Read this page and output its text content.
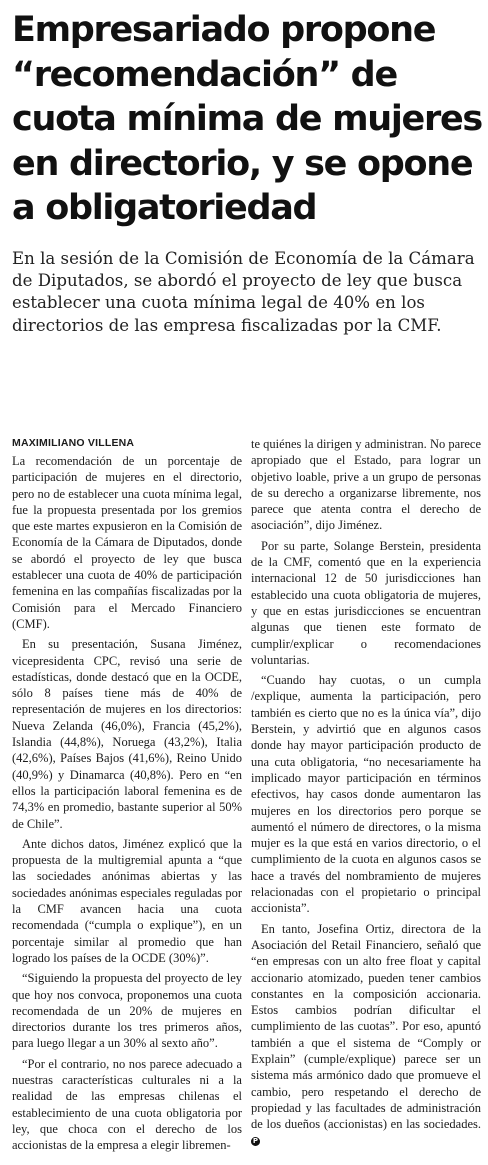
Empresariado propone “recomendación” de cuota mínima de mujeres en directorio, y se opone a obligatoriedad

En la sesión de la Comisión de Economía de la Cámara de Diputados, se abordó el proyecto de ley que busca establecer una cuota mínima legal de 40% en los directorios de las empresa fiscalizadas por la CMF.

MAXIMILIANO VILLENA

La recomendación de un porcentaje de participación de mujeres en el directorio, pero no de establecer una cuota mínima legal, fue la propuesta presentada por los gremios que este martes expusieron en la Comisión de Economía de la Cámara de Diputados, donde se abordó el proyecto de ley que busca establecer una cuota de 40% de participación femenina en las compañías fiscalizadas por la Comisión para el Mercado Financiero (CMF).

En su presentación, Susana Jiménez, vicepresidenta CPC, revisó una serie de estadísticas, donde destacó que en la OCDE, sólo 8 países tiene más de 40% de representación de mujeres en los directorios: Nueva Zelanda (46,0%), Francia (45,2%), Islandia (44,8%), Noruega (43,2%), Italia (42,6%), Países Bajos (41,6%), Reino Unido (40,9%) y Dinamarca (40,8%). Pero en “en ellos la participación laboral femenina es de 74,3% en promedio, bastante superior al 50% de Chile”.

Ante dichos datos, Jiménez explicó que la propuesta de la multigremial apunta a “que las sociedades anónimas abiertas y las sociedades anónimas especiales reguladas por la CMF avancen hacia una cuota recomendada (“cumpla o explique”), en un porcentaje similar al promedio que han logrado los países de la OCDE (30%)”.

“Siguiendo la propuesta del proyecto de ley que hoy nos convoca, proponemos una cuota recomendada de un 20% de mujeres en directorios durante los tres primeros años, para luego llegar a un 30% al sexto año”.

“Por el contrario, no nos parece adecuado a nuestras características culturales ni a la realidad de las empresas chilenas el establecimiento de una cuota obligatoria por ley, que choca con el derecho de los accionistas de la empresa a elegir libremen-

te quiénes la dirigen y administran. No parece apropiado que el Estado, para lograr un objetivo loable, prive a un grupo de personas de su derecho a organizarse libremente, nos parece que atenta contra el derecho de asociación”, dijo Jiménez.

Por su parte, Solange Berstein, presidenta de la CMF, comentó que en la experiencia internacional 12 de 50 jurisdicciones han establecido una cuota obligatoria de mujeres, y que en estas jurisdicciones se encuentran algunas que tienen este formato de cumplir/explicar o recomendaciones voluntarias.

“Cuando hay cuotas, o un cumpla /explique, aumenta la participación, pero también es cierto que no es la única vía”, dijo Berstein, y advirtió que en algunos casos donde hay mayor participación producto de una cuta obligatoria, “no necesariamente ha implicado mayor participación en términos efectivos, hay casos donde aumentaron las mujeres en los directorios pero porque se aumentó el número de directores, o la misma mujer es la que está en varios directorio, o el cumplimiento de la cuota en algunos casos se hace a través del nombramiento de mujeres relacionadas con el propietario o principal accionista”.

En tanto, Josefina Ortiz, directora de la Asociación del Retail Financiero, señaló que “en empresas con un alto free float y capital accionario atomizado, pueden tener cambios constantes en la composición accionaria. Estos cambios podrían dificultar el cumplimiento de las cuotas”. Por eso, apuntó también a que el sistema de “Comply or Explain” (cumple/explique) parece ser un sistema más armónico dado que promueve el cambio, pero respetando el derecho de propiedad y las facultades de administración de los dueños (accionistas) en las sociedades. P
